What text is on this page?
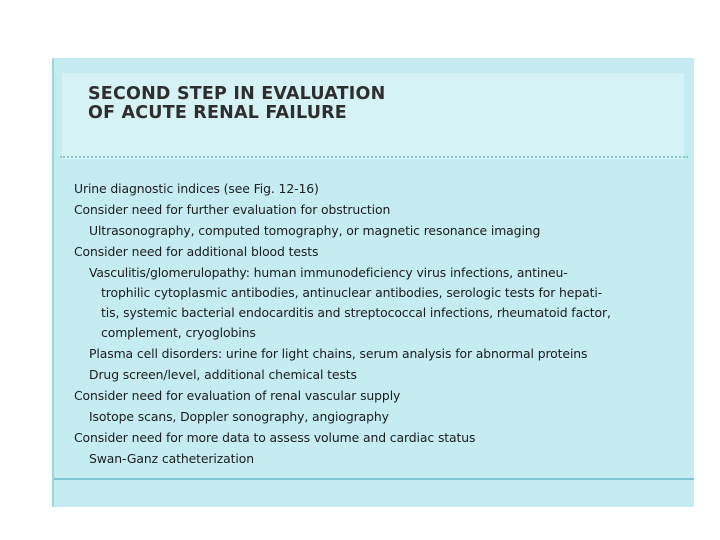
SECOND STEP IN EVALUATION
OF ACUTE RENAL FAILURE
Urine diagnostic indices (see Fig. 12-16)
Consider need for further evaluation for obstruction
Ultrasonography, computed tomography, or magnetic resonance imaging
Consider need for additional blood tests
Vasculitis/glomerulopathy: human immunodeficiency virus infections, antineu-
trophilic cytoplasmic antibodies, antinuclear antibodies, serologic tests for hepati-
tis, systemic bacterial endocarditis and streptococcal infections, rheumatoid factor,
complement, cryoglobins
Plasma cell disorders: urine for light chains, serum analysis for abnormal proteins
Drug screen/level, additional chemical tests
Consider need for evaluation of renal vascular supply
Isotope scans, Doppler sonography, angiography
Consider need for more data to assess volume and cardiac status
Swan-Ganz catheterization
